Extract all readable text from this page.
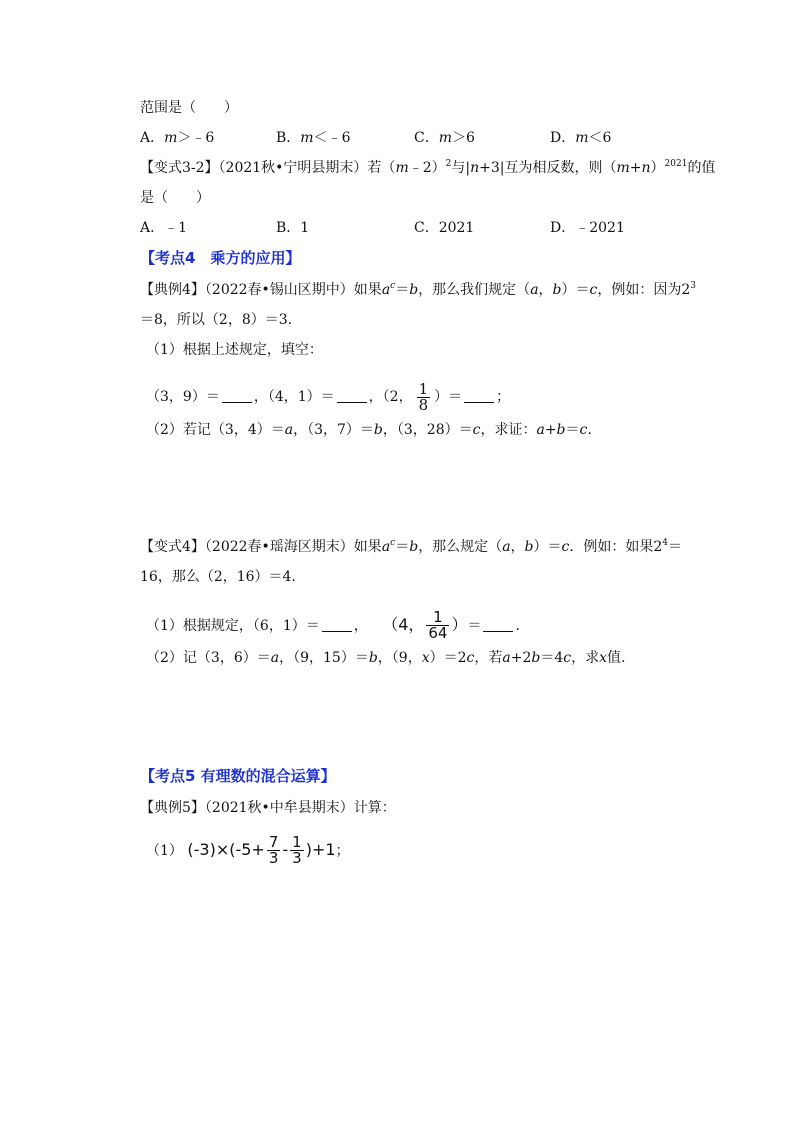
范围是（　　）
A．m＞﹣6	B．m＜﹣6	C．m＞6	D．m＜6
【变式3-2】（2021秋•宁明县期末）若（m﹣2）$^2$与|n+3|互为相反数，则$(m+n)^{2021}$的值
是（　　）
A．﹣1	B．1	C．2021	D．﹣2021
【考点4　乘方的应用】
【典例4】（2022春•锡山区期中）如果$a^c=b$，那么我们规定（a，b）＝c，例如：因为$2^3$
＝8，所以（2，8）＝3.
（1）根据上述规定，填空：
（3，9）＝ ，（4，1）＝ ，（2， $\frac{1}{8}$ ）＝ ；
（2）若记（3，4）＝a，（3，7）＝b，（3，28）＝c，求证：a+b＝c.
【变式4】（2022春•瑶海区期末）如果$a^c=b$，那么规定（a，b）＝c．例如：如果$2^4=$
16，那么（2，16）＝4．
（1）根据规定，（6，1）＝ ， （4， $\frac{1}{64}$ ）＝ .
（2）记（3，6）＝a，（9，15）＝b，（9，x）＝2c，若a+2b＝4c，求x值.
【考点5 有理数的混合运算】
【典例5】（2021秋•中牟县期末）计算：
（1） $(-3)\times(-5+ \frac{7}{3} - \frac{1}{3} )+1$；
